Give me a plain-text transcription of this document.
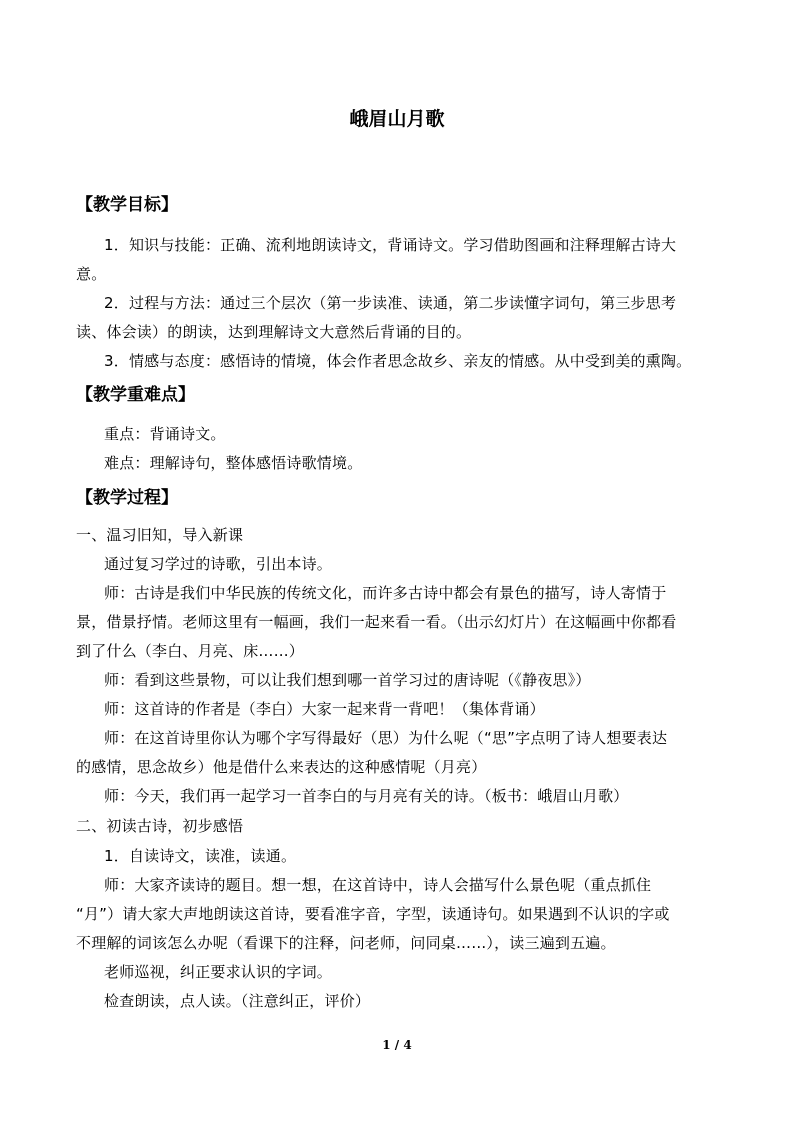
峨眉山月歌
【教学目标】
1．知识与技能：正确、流利地朗读诗文，背诵诗文。学习借助图画和注释理解古诗大
意。
2．过程与方法：通过三个层次（第一步读准、读通，第二步读懂字词句，第三步思考
读、体会读）的朗读，达到理解诗文大意然后背诵的目的。
3．情感与态度：感悟诗的情境，体会作者思念故乡、亲友的情感。从中受到美的熏陶。
【教学重难点】
重点：背诵诗文。
难点：理解诗句，整体感悟诗歌情境。
【教学过程】
一、温习旧知，导入新课
通过复习学过的诗歌，引出本诗。
师：古诗是我们中华民族的传统文化，而许多古诗中都会有景色的描写，诗人寄情于
景，借景抒情。老师这里有一幅画，我们一起来看一看。（出示幻灯片）在这幅画中你都看
到了什么（李白、月亮、床……）
师：看到这些景物，可以让我们想到哪一首学习过的唐诗呢（《静夜思》）
师：这首诗的作者是（李白）大家一起来背一背吧！（集体背诵）
师：在这首诗里你认为哪个字写得最好（思）为什么呢（“思”字点明了诗人想要表达
的感情，思念故乡）他是借什么来表达的这种感情呢（月亮）
师：今天，我们再一起学习一首李白的与月亮有关的诗。（板书：峨眉山月歌）
二、初读古诗，初步感悟
1．自读诗文，读准，读通。
师：大家齐读诗的题目。想一想，在这首诗中，诗人会描写什么景色呢（重点抓住
“月”）请大家大声地朗读这首诗，要看准字音，字型，读通诗句。如果遇到不认识的字或
不理解的词该怎么办呢（看课下的注释，问老师，问同桌……），读三遍到五遍。
老师巡视，纠正要求认识的字词。
检查朗读，点人读。（注意纠正，评价）
1 / 4
